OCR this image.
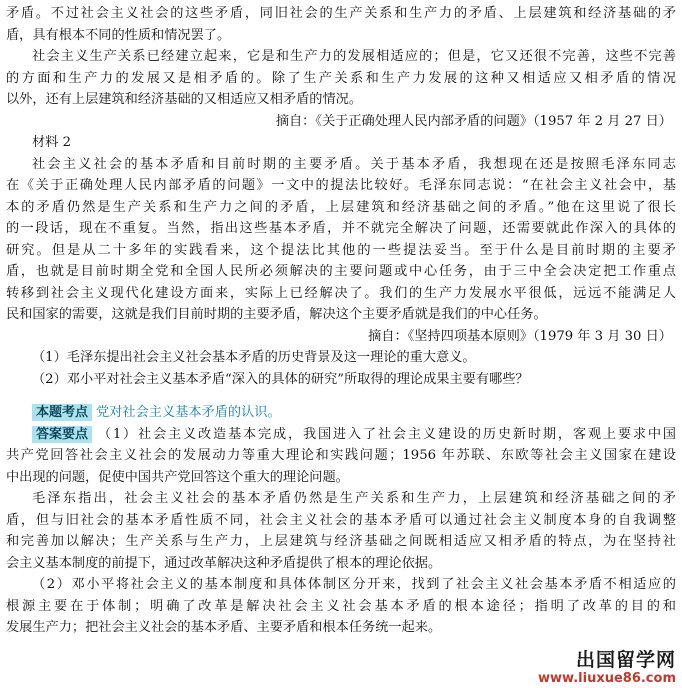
矛盾。不过社会主义社会的这些矛盾，同旧社会的生产关系和生产力的矛盾、上层建筑和经济基础的矛
盾，具有根本不同的性质和情况罢了。
社会主义生产关系已经建立起来，它是和生产力的发展相适应的；但是，它又还很不完善，这些不完善
的方面和生产力的发展又是相矛盾的。除了生产关系和生产力发展的这种又相适应又相矛盾的情况
以外，还有上层建筑和经济基础的又相适应又相矛盾的情况。
摘自：《关于正确处理人民内部矛盾的问题》（1957 年 2 月 27 日）
材料 2
社会主义社会的基本矛盾和目前时期的主要矛盾。关于基本矛盾，我想现在还是按照毛泽东同志
在《关于正确处理人民内部矛盾的问题》一文中的提法比较好。毛泽东同志说：“在社会主义社会中，基
本的矛盾仍然是生产关系和生产力之间的矛盾，上层建筑和经济基础之间的矛盾。”他在这里说了很长
的一段话，现在不重复。当然，指出这些基本矛盾，并不就完全解决了问题，还需要就此作深入的具体的
研究。但是从二十多年的实践看来，这个提法比其他的一些提法妥当。至于什么是目前时期的主要矛
盾，也就是目前时期全党和全国人民所必须解决的主要问题或中心任务，由于三中全会决定把工作重点
转移到社会主义现代化建设方面来，实际上已经解决了。我们的生产力发展水平很低，远远不能满足人
民和国家的需要，这就是我们目前时期的主要矛盾，解决这个主要矛盾就是我们的中心任务。
摘自：《坚持四项基本原则》（1979 年 3 月 30 日）
（1）毛泽东提出社会主义社会基本矛盾的历史背景及这一理论的重大意义。
（2）邓小平对社会主义基本矛盾“深入的具体的研究”所取得的理论成果主要有哪些？
本题考点 党对社会主义基本矛盾的认识。
答案要点 （1）社会主义改造基本完成，我国进入了社会主义建设的历史新时期，客观上要求中国
共产党回答社会主义社会的发展动力等重大理论和实践问题；1956 年苏联、东欧等社会主义国家在建设
中出现的问题，促使中国共产党回答这个重大的理论问题。
毛泽东指出，社会主义社会的基本矛盾仍然是生产关系和生产力，上层建筑和经济基础之间的矛
盾，但与旧社会的基本矛盾性质不同，社会主义社会的基本矛盾可以通过社会主义制度本身的自我调整
和完善加以解决；生产关系与生产力，上层建筑与经济基础之间既相适应又相矛盾的特点，为在坚持社
会主义基本制度的前提下，通过改革解决这种矛盾提供了根本的理论依据。
（2）邓小平将社会主义的基本制度和具体体制区分开来，找到了社会主义社会基本矛盾不相适应的
根源主要在于体制；明确了改革是解决社会主义社会基本矛盾的根本途径；指明了改革的目的和
发展生产力；把社会主义社会的基本矛盾、主要矛盾和根本任务统一起来。
出国留学网
www.liuxue86.com
